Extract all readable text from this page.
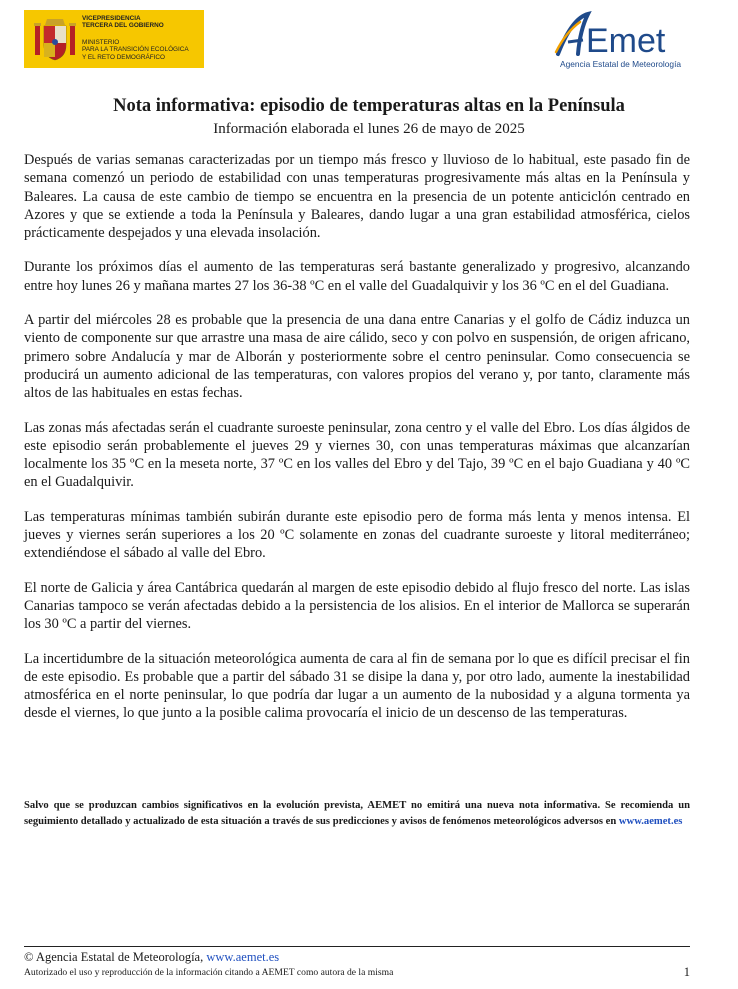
VICEPRESIDENCIA
TERCERA DEL GOBIERNO
MINISTERIO
PARA LA TRANSICIÓN ECOLÓGICA
Y EL RETO DEMOGRÁFICO	Emet
Agencia Estatal de Meteorología
Nota informativa: episodio de temperaturas altas en la Península
Información elaborada el lunes 26 de mayo de 2025

Después de varias semanas caracterizadas por un tiempo más fresco y lluvioso de lo habitual, este pasado fin de semana comenzó un periodo de estabilidad con unas temperaturas progresivamente más altas en la Península y Baleares. La causa de este cambio de tiempo se encuentra en la presencia de un potente anticiclón centrado en Azores y que se extiende a toda la Península y Baleares, dando lugar a una gran estabilidad atmosférica, cielos prácticamente despejados y una elevada insolación.

Durante los próximos días el aumento de las temperaturas será bastante generalizado y progresivo, alcanzando entre hoy lunes 26 y mañana martes 27 los 36-38 ºC en el valle del Guadalquivir y los 36 ºC en el del Guadiana.

A partir del miércoles 28 es probable que la presencia de una dana entre Canarias y el golfo de Cádiz induzca un viento de componente sur que arrastre una masa de aire cálido, seco y con polvo en suspensión, de origen africano, primero sobre Andalucía y mar de Alborán y posteriormente sobre el centro peninsular. Como consecuencia se producirá un aumento adicional de las temperaturas, con valores propios del verano y, por tanto, claramente más altos de las habituales en estas fechas.

Las zonas más afectadas serán el cuadrante suroeste peninsular, zona centro y el valle del Ebro. Los días álgidos de este episodio serán probablemente el jueves 29 y viernes 30, con unas temperaturas máximas que alcanzarían localmente los 35 ºC en la meseta norte, 37 ºC en los valles del Ebro y del Tajo, 39 ºC en el bajo Guadiana y 40 ºC en el Guadalquivir.

Las temperaturas mínimas también subirán durante este episodio pero de forma más lenta y menos intensa. El jueves y viernes serán superiores a los 20 ºC solamente en zonas del cuadrante suroeste y litoral mediterráneo; extendiéndose el sábado al valle del Ebro.

El norte de Galicia y área Cantábrica quedarán al margen de este episodio debido al flujo fresco del norte. Las islas Canarias tampoco se verán afectadas debido a la persistencia de los alisios. En el interior de Mallorca se superarán los 30 ºC a partir del viernes.

La incertidumbre de la situación meteorológica aumenta de cara al fin de semana por lo que es difícil precisar el fin de este episodio. Es probable que a partir del sábado 31 se disipe la dana y, por otro lado, aumente la inestabilidad atmosférica en el norte peninsular, lo que podría dar lugar a un aumento de la nubosidad y a alguna tormenta ya desde el viernes, lo que junto a la posible calima provocaría el inicio de un descenso de las temperaturas.

Salvo que se produzcan cambios significativos en la evolución prevista, AEMET no emitirá una nueva nota informativa. Se recomienda un seguimiento detallado y actualizado de esta situación a través de sus predicciones y avisos de fenómenos meteorológicos adversos en www.aemet.es

© Agencia Estatal de Meteorología, www.aemet.es
Autorizado el uso y reproducción de la información citando a AEMET como autora de la misma	1
